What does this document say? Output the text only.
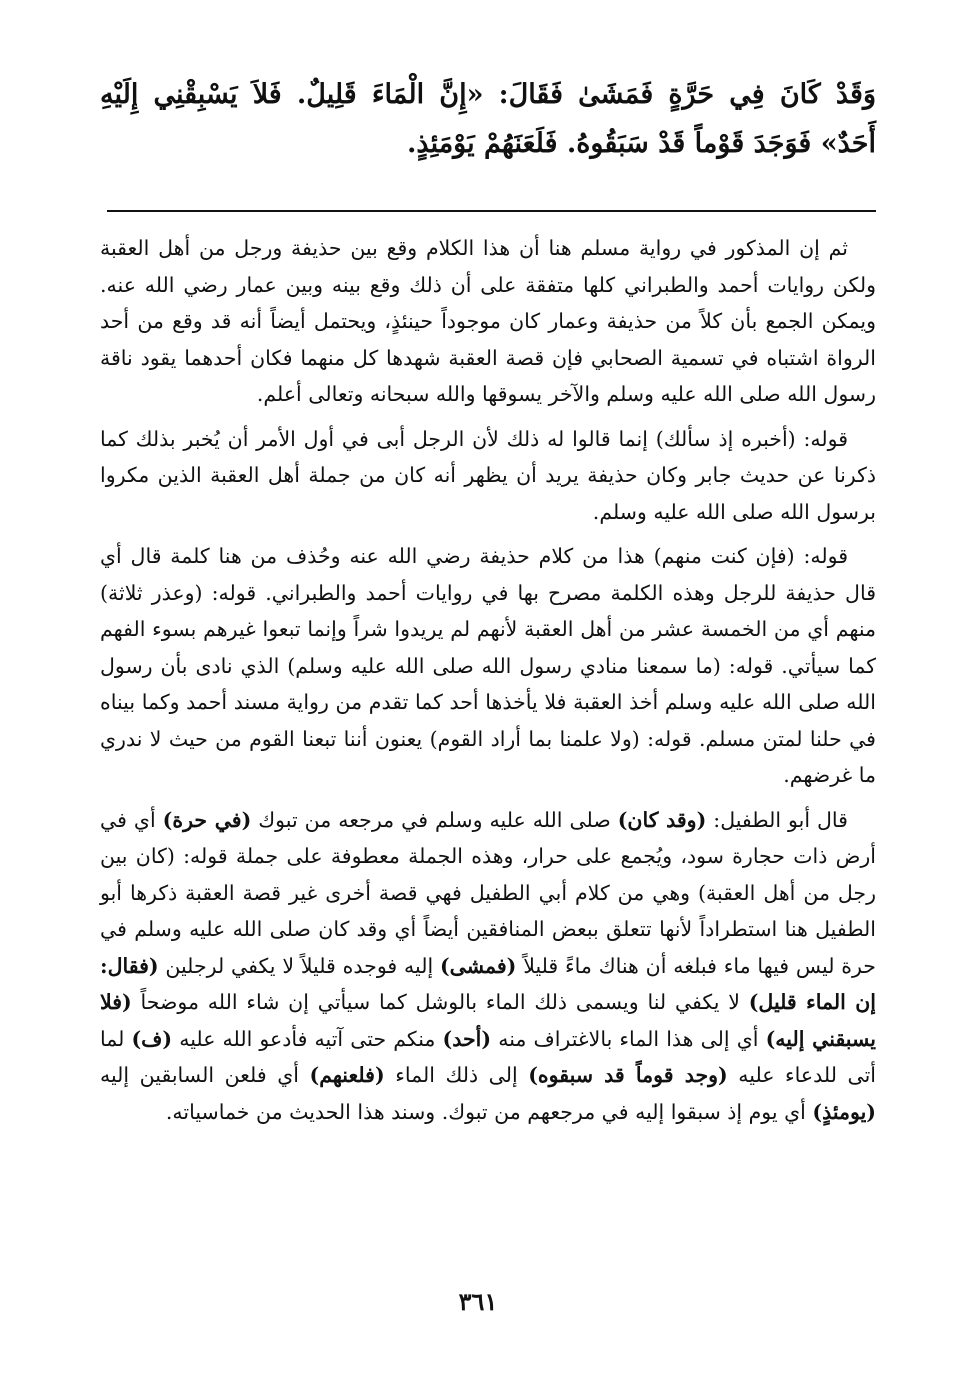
وَقَدْ كَانَ فِي حَرَّةٍ فَمَشَىٰ فَقَالَ: «إِنَّ الْمَاءَ قَلِيلٌ. فَلاَ يَسْبِقْنِي إِلَيْهِ أَحَدٌ» فَوَجَدَ قَوْماً قَدْ سَبَقُوهُ. فَلَعَنَهُمْ يَوْمَئِذٍ.

ثم إن المذكور في رواية مسلم هنا أن هذا الكلام وقع بين حذيفة ورجل من أهل العقبة ولكن روايات أحمد والطبراني كلها متفقة على أن ذلك وقع بينه وبين عمار رضي الله عنه. ويمكن الجمع بأن كلاً من حذيفة وعمار كان موجوداً حينئذٍ، ويحتمل أيضاً أنه قد وقع من أحد الرواة اشتباه في تسمية الصحابي فإن قصة العقبة شهدها كل منهما فكان أحدهما يقود ناقة رسول الله صلى الله عليه وسلم والآخر يسوقها والله سبحانه وتعالى أعلم.

قوله: (أخبره إذ سألك) إنما قالوا له ذلك لأن الرجل أبى في أول الأمر أن يُخبر بذلك كما ذكرنا عن حديث جابر وكان حذيفة يريد أن يظهر أنه كان من جملة أهل العقبة الذين مكروا برسول الله صلى الله عليه وسلم.

قوله: (فإن كنت منهم) هذا من كلام حذيفة رضي الله عنه وحُذف من هنا كلمة قال أي قال حذيفة للرجل وهذه الكلمة مصرح بها في روايات أحمد والطبراني. قوله: (وعذر ثلاثة) منهم أي من الخمسة عشر من أهل العقبة لأنهم لم يريدوا شراً وإنما تبعوا غيرهم بسوء الفهم كما سيأتي. قوله: (ما سمعنا منادي رسول الله صلى الله عليه وسلم) الذي نادى بأن رسول الله صلى الله عليه وسلم أخذ العقبة فلا يأخذها أحد كما تقدم من رواية مسند أحمد وكما بيناه في حلنا لمتن مسلم. قوله: (ولا علمنا بما أراد القوم) يعنون أننا تبعنا القوم من حيث لا ندري ما غرضهم.

قال أبو الطفيل: (وقد كان) صلى الله عليه وسلم في مرجعه من تبوك (في حرة) أي في أرض ذات حجارة سود، ويُجمع على حرار، وهذه الجملة معطوفة على جملة قوله: (كان بين رجل من أهل العقبة) وهي من كلام أبي الطفيل فهي قصة أخرى غير قصة العقبة ذكرها أبو الطفيل هنا استطراداً لأنها تتعلق ببعض المنافقين أيضاً أي وقد كان صلى الله عليه وسلم في حرة ليس فيها ماء فبلغه أن هناك ماءً قليلاً (فمشى) إليه فوجده قليلاً لا يكفي لرجلين (فقال: إن الماء قليل) لا يكفي لنا ويسمى ذلك الماء بالوشل كما سيأتي إن شاء الله موضحاً (فلا يسبقني إليه) أي إلى هذا الماء بالاغتراف منه (أحد) منكم حتى آتيه فأدعو الله عليه (ف) لما أتى للدعاء عليه (وجد قوماً قد سبقوه) إلى ذلك الماء (فلعنهم) أي فلعن السابقين إليه (يومئذٍ) أي يوم إذ سبقوا إليه في مرجعهم من تبوك. وسند هذا الحديث من خماسياته.

٣٦١
